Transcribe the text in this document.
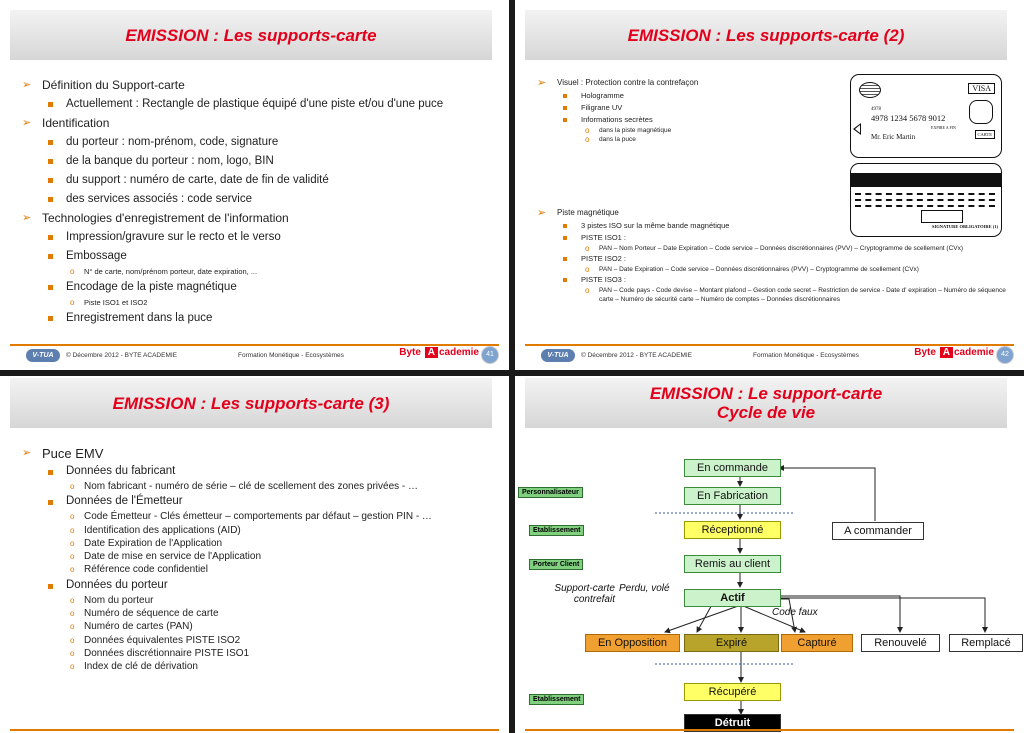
EMISSION : Les supports-carte
➢ Définition du Support-carte
Actuellement : Rectangle de plastique équipé d'une piste et/ou d'une puce
➢ Identification
du porteur : nom-prénom, code, signature
de la banque du porteur : nom, logo, BIN
du support : numéro de carte, date de fin de validité
des services associés : code service
➢ Technologies d'enregistrement de l'information
Impression/gravure sur le recto et le verso
Embossage
o N° de carte, nom/prénom porteur, date expiration, ...
Encodage de la piste magnétique
o Piste ISO1 et ISO2
Enregistrement dans la puce
V-TUA	© Décembre 2012 - BYTE ACADEMIE	Formation Monétique - Ecosystèmes	Byte A cademie	41
EMISSION : Les supports-carte (2)
➢ Visuel : Protection contre la contrefaçon
Hologramme
Filigrane UV
Informations secrètes
o dans la piste magnétique
o dans la puce
➢ Piste magnétique
3 pistes ISO sur la même bande magnétique
PISTE ISO1 :
o PAN – Nom Porteur – Date Expiration – Code service – Données discrétionnaires (PVV) – Cryptogramme de scellement (CVx)
PISTE ISO2 :
o PAN – Date Expiration – Code service – Données discrétionnaires (PVV) – Cryptogramme de scellement (CVx)
PISTE ISO3 :
o PAN – Code pays - Code devise – Montant plafond – Gestion code secret – Restriction de service - Date d' expiration – Numéro de séquence carte – Numéro de sécurité carte – Numéro de comptes – Données discrétionnaires
VISA
4978
4978 1234 5678 9012
EXPIRE A FIN
Mr. Eric Martin	CARTE
SIGNATURE OBLIGATOIRE (1)
V-TUA	© Décembre 2012 - BYTE ACADEMIE	Formation Monétique - Ecosystèmes	Byte A cademie	42
EMISSION : Les supports-carte (3)
➢ Puce EMV
Données du fabricant
o Nom fabricant - numéro de série – clé de scellement des zones privées - …
Données de l'Émetteur
o Code Émetteur - Clés émetteur – comportements par défaut – gestion PIN - …
o Identification des applications (AID)
o Date Expiration de l'Application
o Date de mise en service de l'Application
o Référence code confidentiel
Données du porteur
o Nom du porteur
o Numéro de séquence de carte
o Numéro de cartes (PAN)
o Données équivalentes PISTE ISO2
o Données discrétionnaire PISTE ISO1
o Index de clé de dérivation
EMISSION : Le support-carte
Cycle de vie
En commande
En Fabrication
Réceptionné	A commander
Remis au client
Actif
En Opposition	Expiré	Capturé	Renouvelé	Remplacé
Récupéré
Détruit
Personnalisateur
Etablissement
Porteur Client
Etablissement
Support-carte
contrefait
Perdu, volé
Code faux
